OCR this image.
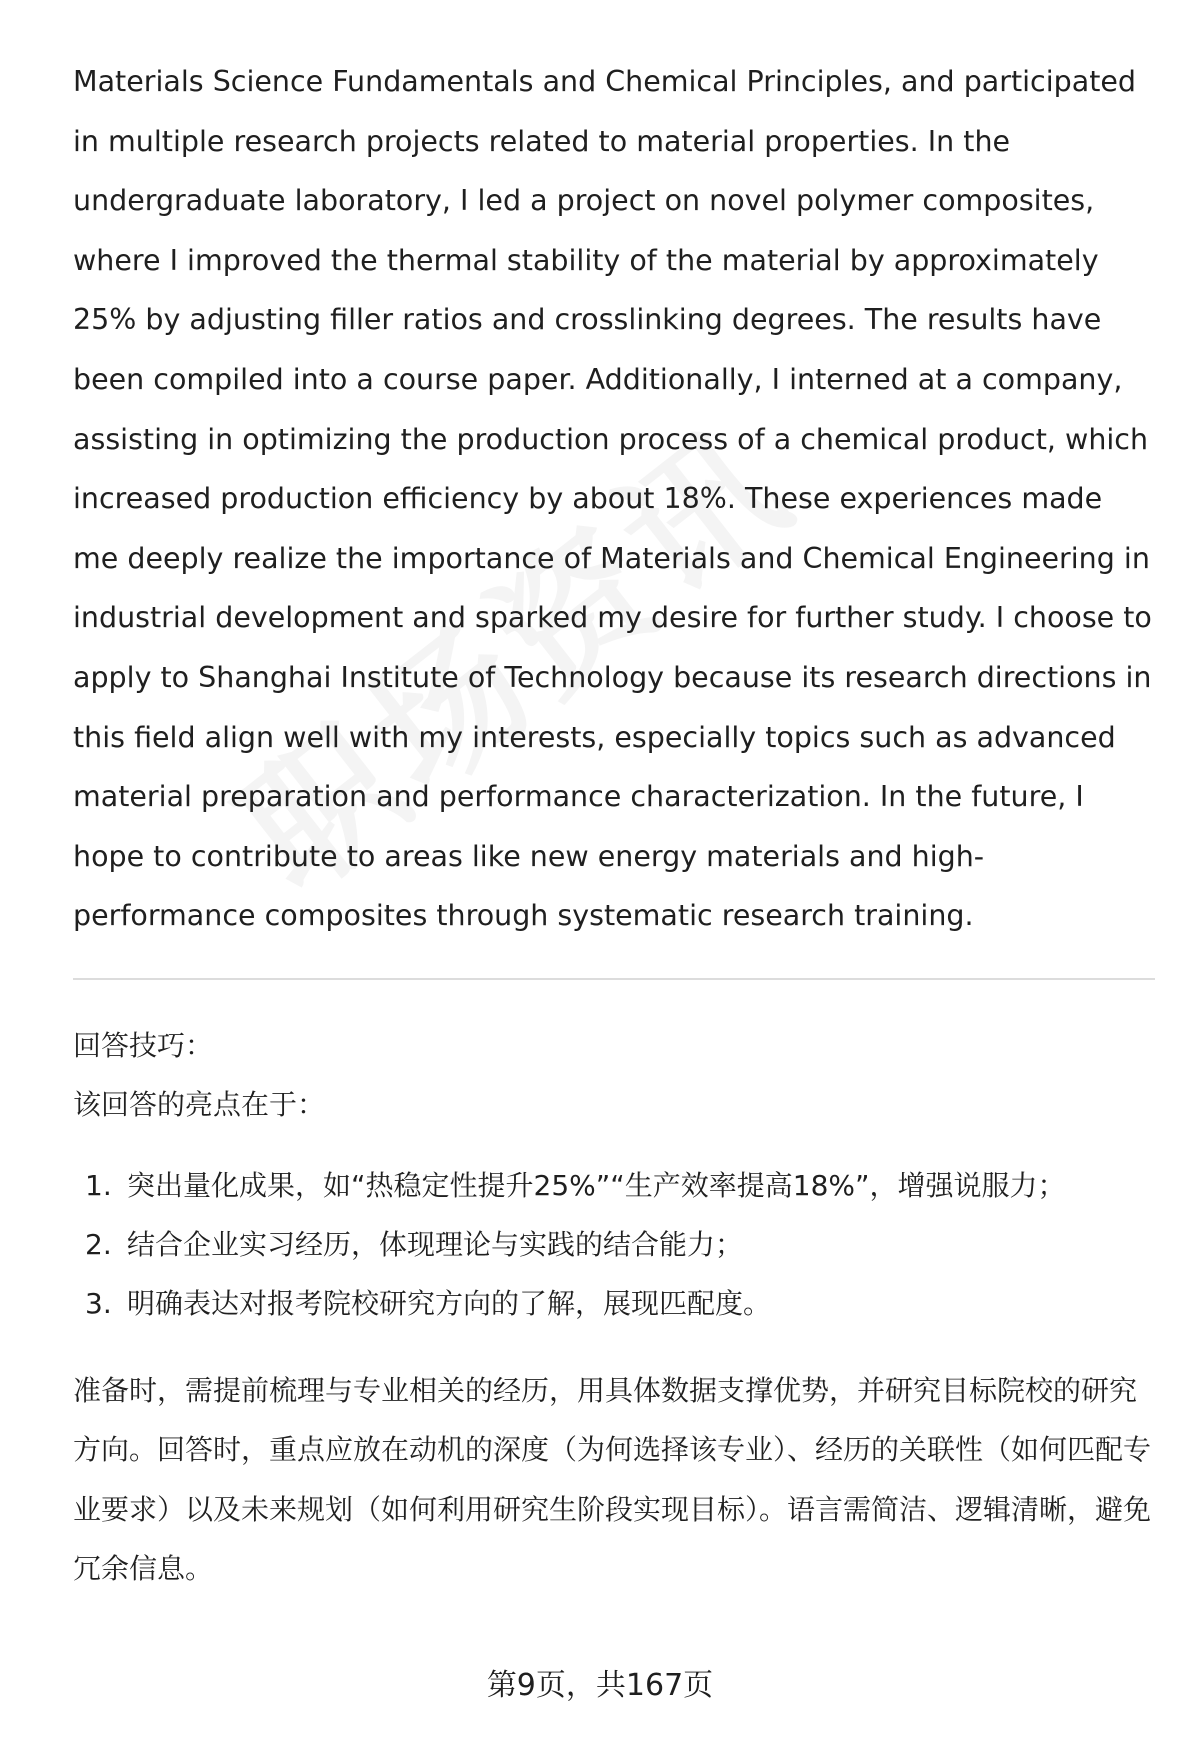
Materials Science Fundamentals and Chemical Principles, and participated in multiple research projects related to material properties. In the undergraduate laboratory, I led a project on novel polymer composites, where I improved the thermal stability of the material by approximately 25% by adjusting filler ratios and crosslinking degrees. The results have been compiled into a course paper. Additionally, I interned at a company, assisting in optimizing the production process of a chemical product, which increased production efficiency by about 18%. These experiences made me deeply realize the importance of Materials and Chemical Engineering in industrial development and sparked my desire for further study. I choose to apply to Shanghai Institute of Technology because its research directions in this field align well with my interests, especially topics such as advanced material preparation and performance characterization. In the future, I hope to contribute to areas like new energy materials and high-performance composites through systematic research training.

回答技巧：

该回答的亮点在于：

1. 突出量化成果，如“热稳定性提升25%”“生产效率提高18%”，增强说服力；
2. 结合企业实习经历，体现理论与实践的结合能力；
3. 明确表达对报考院校研究方向的了解，展现匹配度。

准备时，需提前梳理与专业相关的经历，用具体数据支撑优势，并研究目标院校的研究方向。回答时，重点应放在动机的深度（为何选择该专业）、经历的关联性（如何匹配专业要求）以及未来规划（如何利用研究生阶段实现目标）。语言需简洁、逻辑清晰，避免冗余信息。

第9页，共167页
